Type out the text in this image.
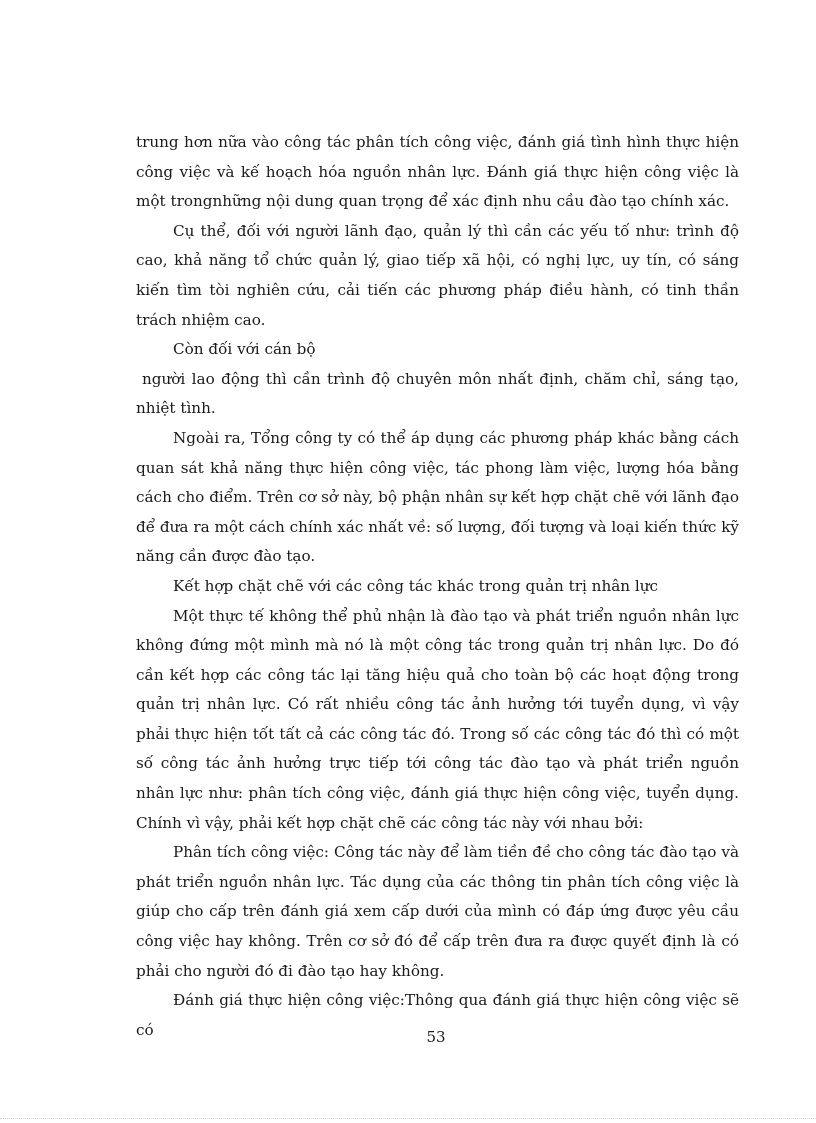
trung hơn nữa vào công tác phân tích công việc, đánh giá tình hình thực hiện công việc và kế hoạch hóa nguồn nhân lực. Đánh giá thực hiện công việc là một trongnhững nội dung quan trọng để xác định nhu cầu đào tạo chính xác.

Cụ thể, đối với người lãnh đạo, quản lý thì cần các yếu tố như: trình độ cao, khả năng tổ chức quản lý, giao tiếp xã hội, có nghị lực, uy tín, có sáng kiến tìm tòi nghiên cứu, cải tiến các phương pháp điều hành, có tinh thần trách nhiệm cao.

Còn đối với cán bộ

người lao động thì cần trình độ chuyên môn nhất định, chăm chỉ, sáng tạo, nhiệt tình.

Ngoài ra, Tổng công ty có thể áp dụng các phương pháp khác bằng cách quan sát khả năng thực hiện công việc, tác phong làm việc, lượng hóa bằng cách cho điểm. Trên cơ sở này, bộ phận nhân sự kết hợp chặt chẽ với lãnh đạo để đưa ra một cách chính xác nhất về: số lượng, đối tượng và loại kiến thức kỹ năng cần được đào tạo.

Kết hợp chặt chẽ với các công tác khác trong quản trị nhân lực

Một thực tế không thể phủ nhận là đào tạo và phát triển nguồn nhân lực không đứng một mình mà nó là một công tác trong quản trị nhân lực. Do đó cần kết hợp các công tác lại tăng hiệu quả cho toàn bộ các hoạt động trong quản trị nhân lực. Có rất nhiều công tác ảnh hưởng tới tuyển dụng, vì vậy phải thực hiện tốt tất cả các công tác đó. Trong số các công tác đó thì có một số công tác ảnh hưởng trực tiếp tới công tác đào tạo và phát triển nguồn nhân lực như: phân tích công việc, đánh giá thực hiện công việc, tuyển dụng. Chính vì vậy, phải kết hợp chặt chẽ các công tác này với nhau bởi:

Phân tích công việc: Công tác này để làm tiền đề cho công tác đào tạo và phát triển nguồn nhân lực. Tác dụng của các thông tin phân tích công việc là giúp cho cấp trên đánh giá xem cấp dưới của mình có đáp ứng được yêu cầu công việc hay không. Trên cơ sở đó để cấp trên đưa ra được quyết định là có phải cho người đó đi đào tạo hay không.

Đánh giá thực hiện công việc:Thông qua đánh giá thực hiện công việc sẽ có	53
